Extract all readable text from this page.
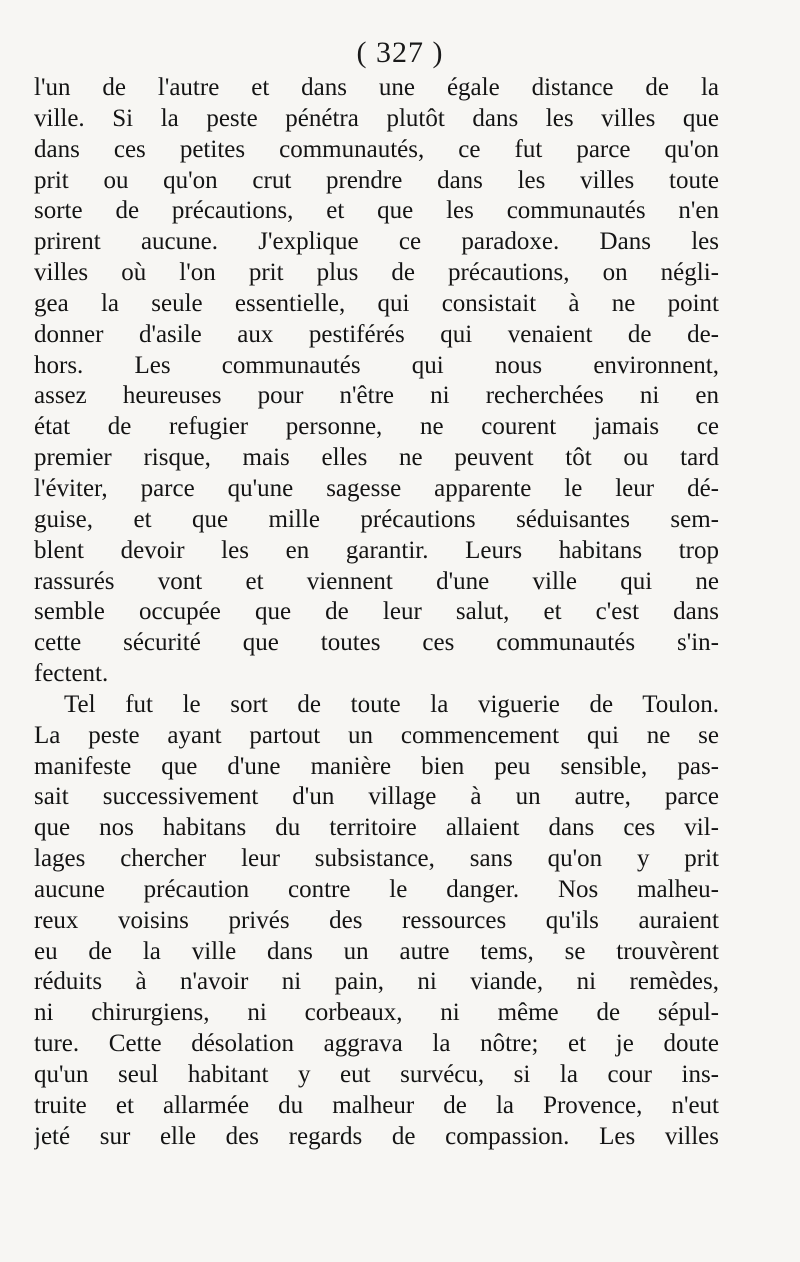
( 327 )
l'un de l'autre et dans une égale distance de la
ville. Si la peste pénétra plutôt dans les villes que
dans ces petites communautés, ce fut parce qu'on
prit ou qu'on crut prendre dans les villes toute
sorte de précautions, et que les communautés n'en
prirent aucune. J'explique ce paradoxe. Dans les
villes où l'on prit plus de précautions, on négli-
gea la seule essentielle, qui consistait à ne point
donner d'asile aux pestiférés qui venaient de de-
hors. Les communautés qui nous environnent,
assez heureuses pour n'être ni recherchées ni en
état de refugier personne, ne courent jamais ce
premier risque, mais elles ne peuvent tôt ou tard
l'éviter, parce qu'une sagesse apparente le leur dé-
guise, et que mille précautions séduisantes sem-
blent devoir les en garantir. Leurs habitans trop
rassurés vont et viennent d'une ville qui ne
semble occupée que de leur salut, et c'est dans
cette sécurité que toutes ces communautés s'in-
fectent.
Tel fut le sort de toute la viguerie de Toulon.
La peste ayant partout un commencement qui ne se
manifeste que d'une manière bien peu sensible, pas-
sait successivement d'un village à un autre, parce
que nos habitans du territoire allaient dans ces vil-
lages chercher leur subsistance, sans qu'on y prit
aucune précaution contre le danger. Nos malheu-
reux voisins privés des ressources qu'ils auraient
eu de la ville dans un autre tems, se trouvèrent
réduits à n'avoir ni pain, ni viande, ni remèdes,
ni chirurgiens, ni corbeaux, ni même de sépul-
ture. Cette désolation aggrava la nôtre; et je doute
qu'un seul habitant y eut survécu, si la cour ins-
truite et allarmée du malheur de la Provence, n'eut
jeté sur elle des regards de compassion. Les villes
